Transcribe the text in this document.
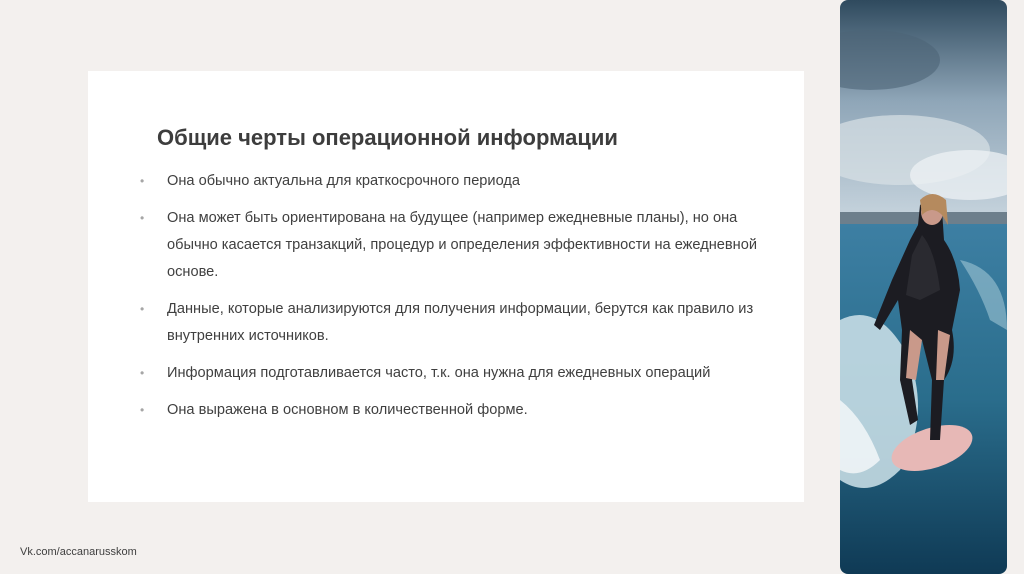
Общие черты операционной информации
• Она обычно актуальна для краткосрочного периода
• Она может быть ориентирована на будущее (например ежедневные планы), но она обычно касается транзакций, процедур и определения эффективности на ежедневной основе.
• Данные, которые анализируются для получения информации, берутся как правило из внутренних источников.
• Информация подготавливается часто, т.к. она нужна для ежедневных операций
• Она выражена в основном в количественной форме.
Vk.com/accanarusskom
